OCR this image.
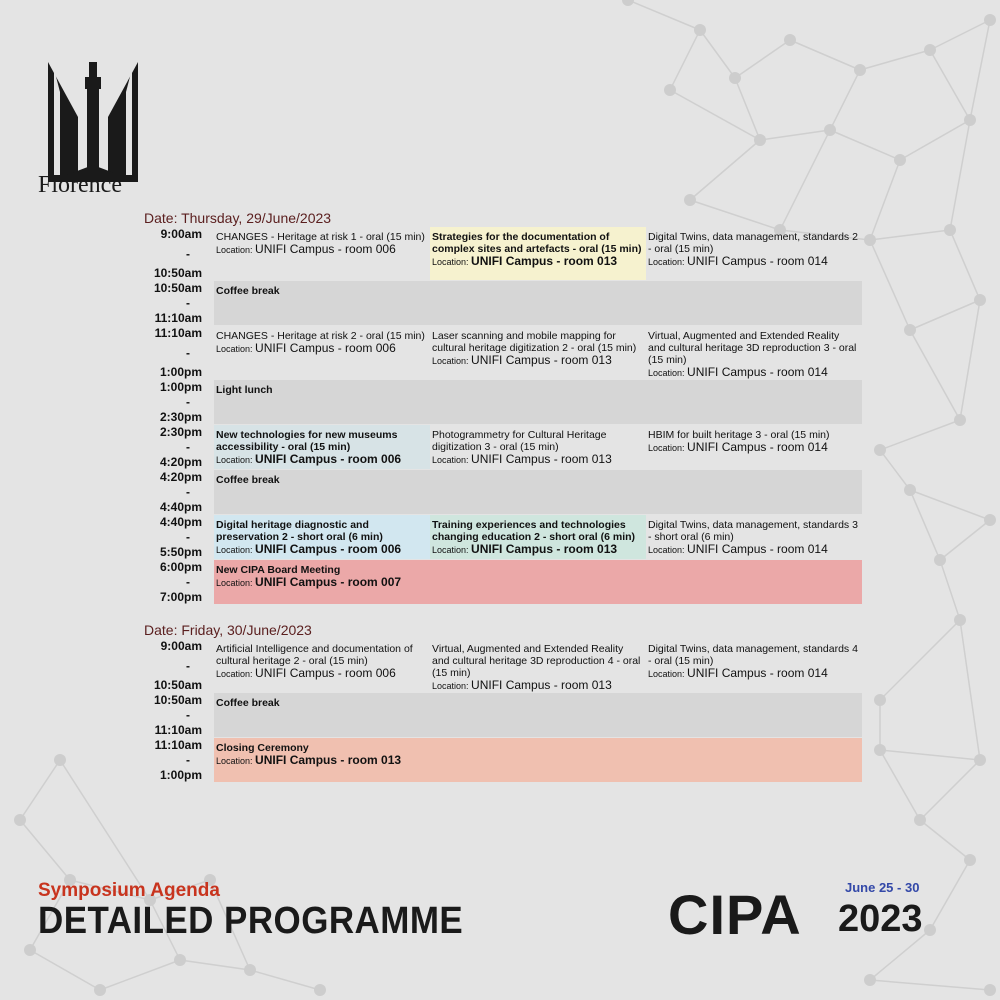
Florence
Date: Thursday, 29/June/2023
9:00am
-
10:50am
CHANGES - Heritage at risk 1 - oral (15 min)
Location: UNIFI Campus - room 006
Strategies for the documentation of complex sites and artefacts - oral (15 min)
Location: UNIFI Campus - room 013
Digital Twins, data management, standards 2 - oral (15 min)
Location: UNIFI Campus - room 014
10:50am
-
11:10am
Coffee break
11:10am
-
1:00pm
CHANGES - Heritage at risk 2 - oral (15 min)
Location: UNIFI Campus - room 006
Laser scanning and mobile mapping for cultural heritage digitization 2 - oral (15 min)
Location: UNIFI Campus - room 013
Virtual, Augmented and Extended Reality and cultural heritage 3D reproduction 3 - oral (15 min)
Location: UNIFI Campus - room 014
1:00pm
-
2:30pm
Light lunch
2:30pm
-
4:20pm
New technologies for new museums accessibility - oral (15 min)
Location: UNIFI Campus - room 006
Photogrammetry for Cultural Heritage digitization 3 - oral (15 min)
Location: UNIFI Campus - room 013
HBIM for built heritage 3 - oral (15 min)
Location: UNIFI Campus - room 014
4:20pm
-
4:40pm
Coffee break
4:40pm
-
5:50pm
Digital heritage diagnostic and preservation 2 - short oral (6 min)
Location: UNIFI Campus - room 006
Training experiences and technologies changing education 2 - short oral (6 min)
Location: UNIFI Campus - room 013
Digital Twins, data management, standards 3 - short oral (6 min)
Location: UNIFI Campus - room 014
6:00pm
-
7:00pm
New CIPA Board Meeting
Location: UNIFI Campus - room 007
Date: Friday, 30/June/2023
9:00am
-
10:50am
Artificial Intelligence and documentation of cultural heritage 2 - oral (15 min)
Location: UNIFI Campus - room 006
Virtual, Augmented and Extended Reality and cultural heritage 3D reproduction 4 - oral (15 min)
Location: UNIFI Campus - room 013
Digital Twins, data management, standards 4 - oral (15 min)
Location: UNIFI Campus - room 014
10:50am
-
11:10am
Coffee break
11:10am
-
1:00pm
Closing Ceremony
Location: UNIFI Campus - room 013
Symposium Agenda
DETAILED PROGRAMME
June 25 - 30
CIPA 2023
